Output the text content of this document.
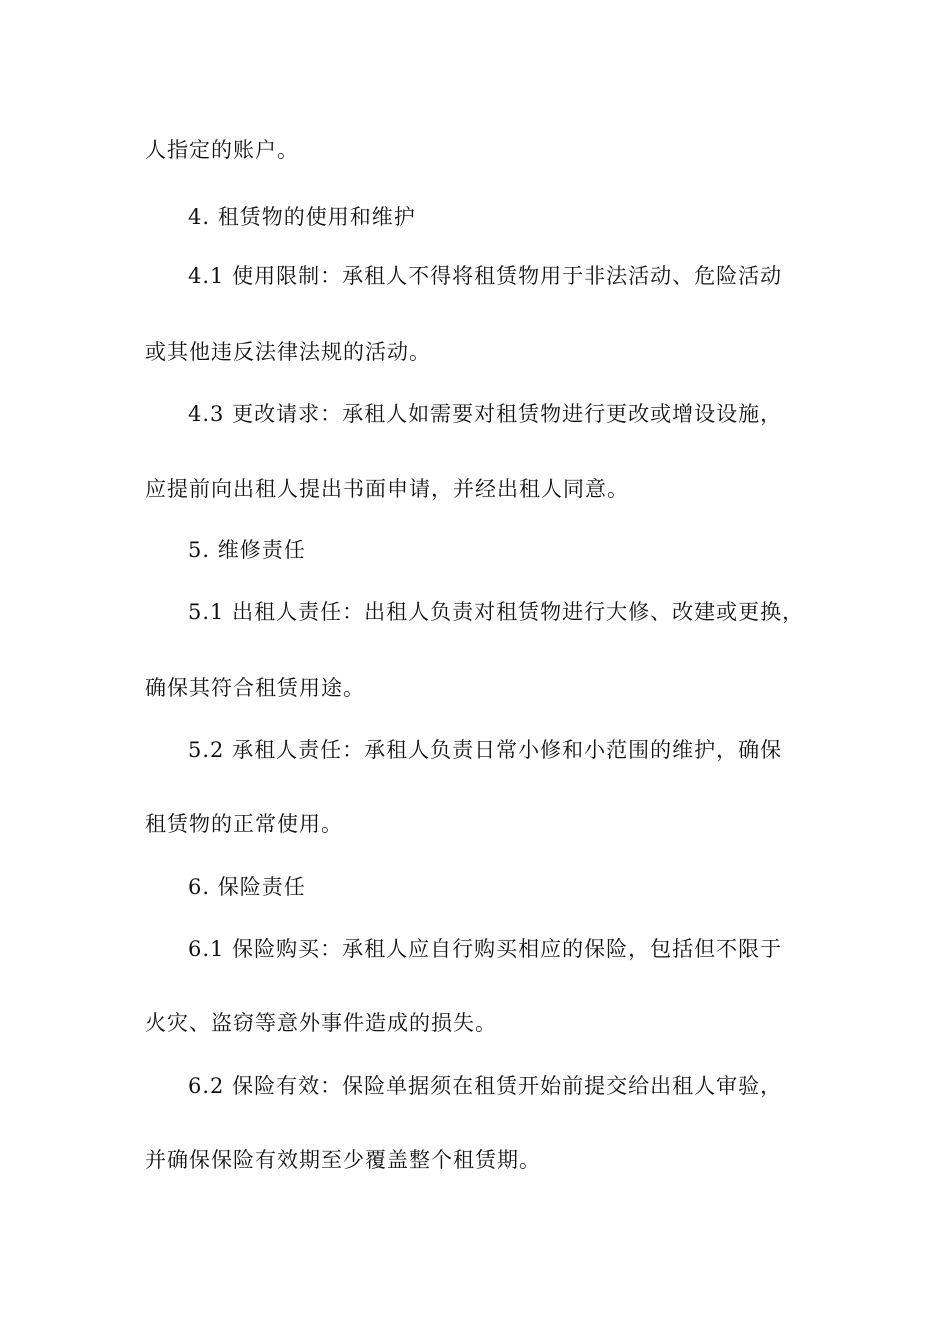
人指定的账户。
4. 租赁物的使用和维护
4.1 使用限制：承租人不得将租赁物用于非法活动、危险活动
或其他违反法律法规的活动。
4.3 更改请求：承租人如需要对租赁物进行更改或增设设施，
应提前向出租人提出书面申请，并经出租人同意。
5. 维修责任
5.1 出租人责任：出租人负责对租赁物进行大修、改建或更换，
确保其符合租赁用途。
5.2 承租人责任：承租人负责日常小修和小范围的维护，确保
租赁物的正常使用。
6. 保险责任
6.1 保险购买：承租人应自行购买相应的保险，包括但不限于
火灾、盗窃等意外事件造成的损失。
6.2 保险有效：保险单据须在租赁开始前提交给出租人审验，
并确保保险有效期至少覆盖整个租赁期。
